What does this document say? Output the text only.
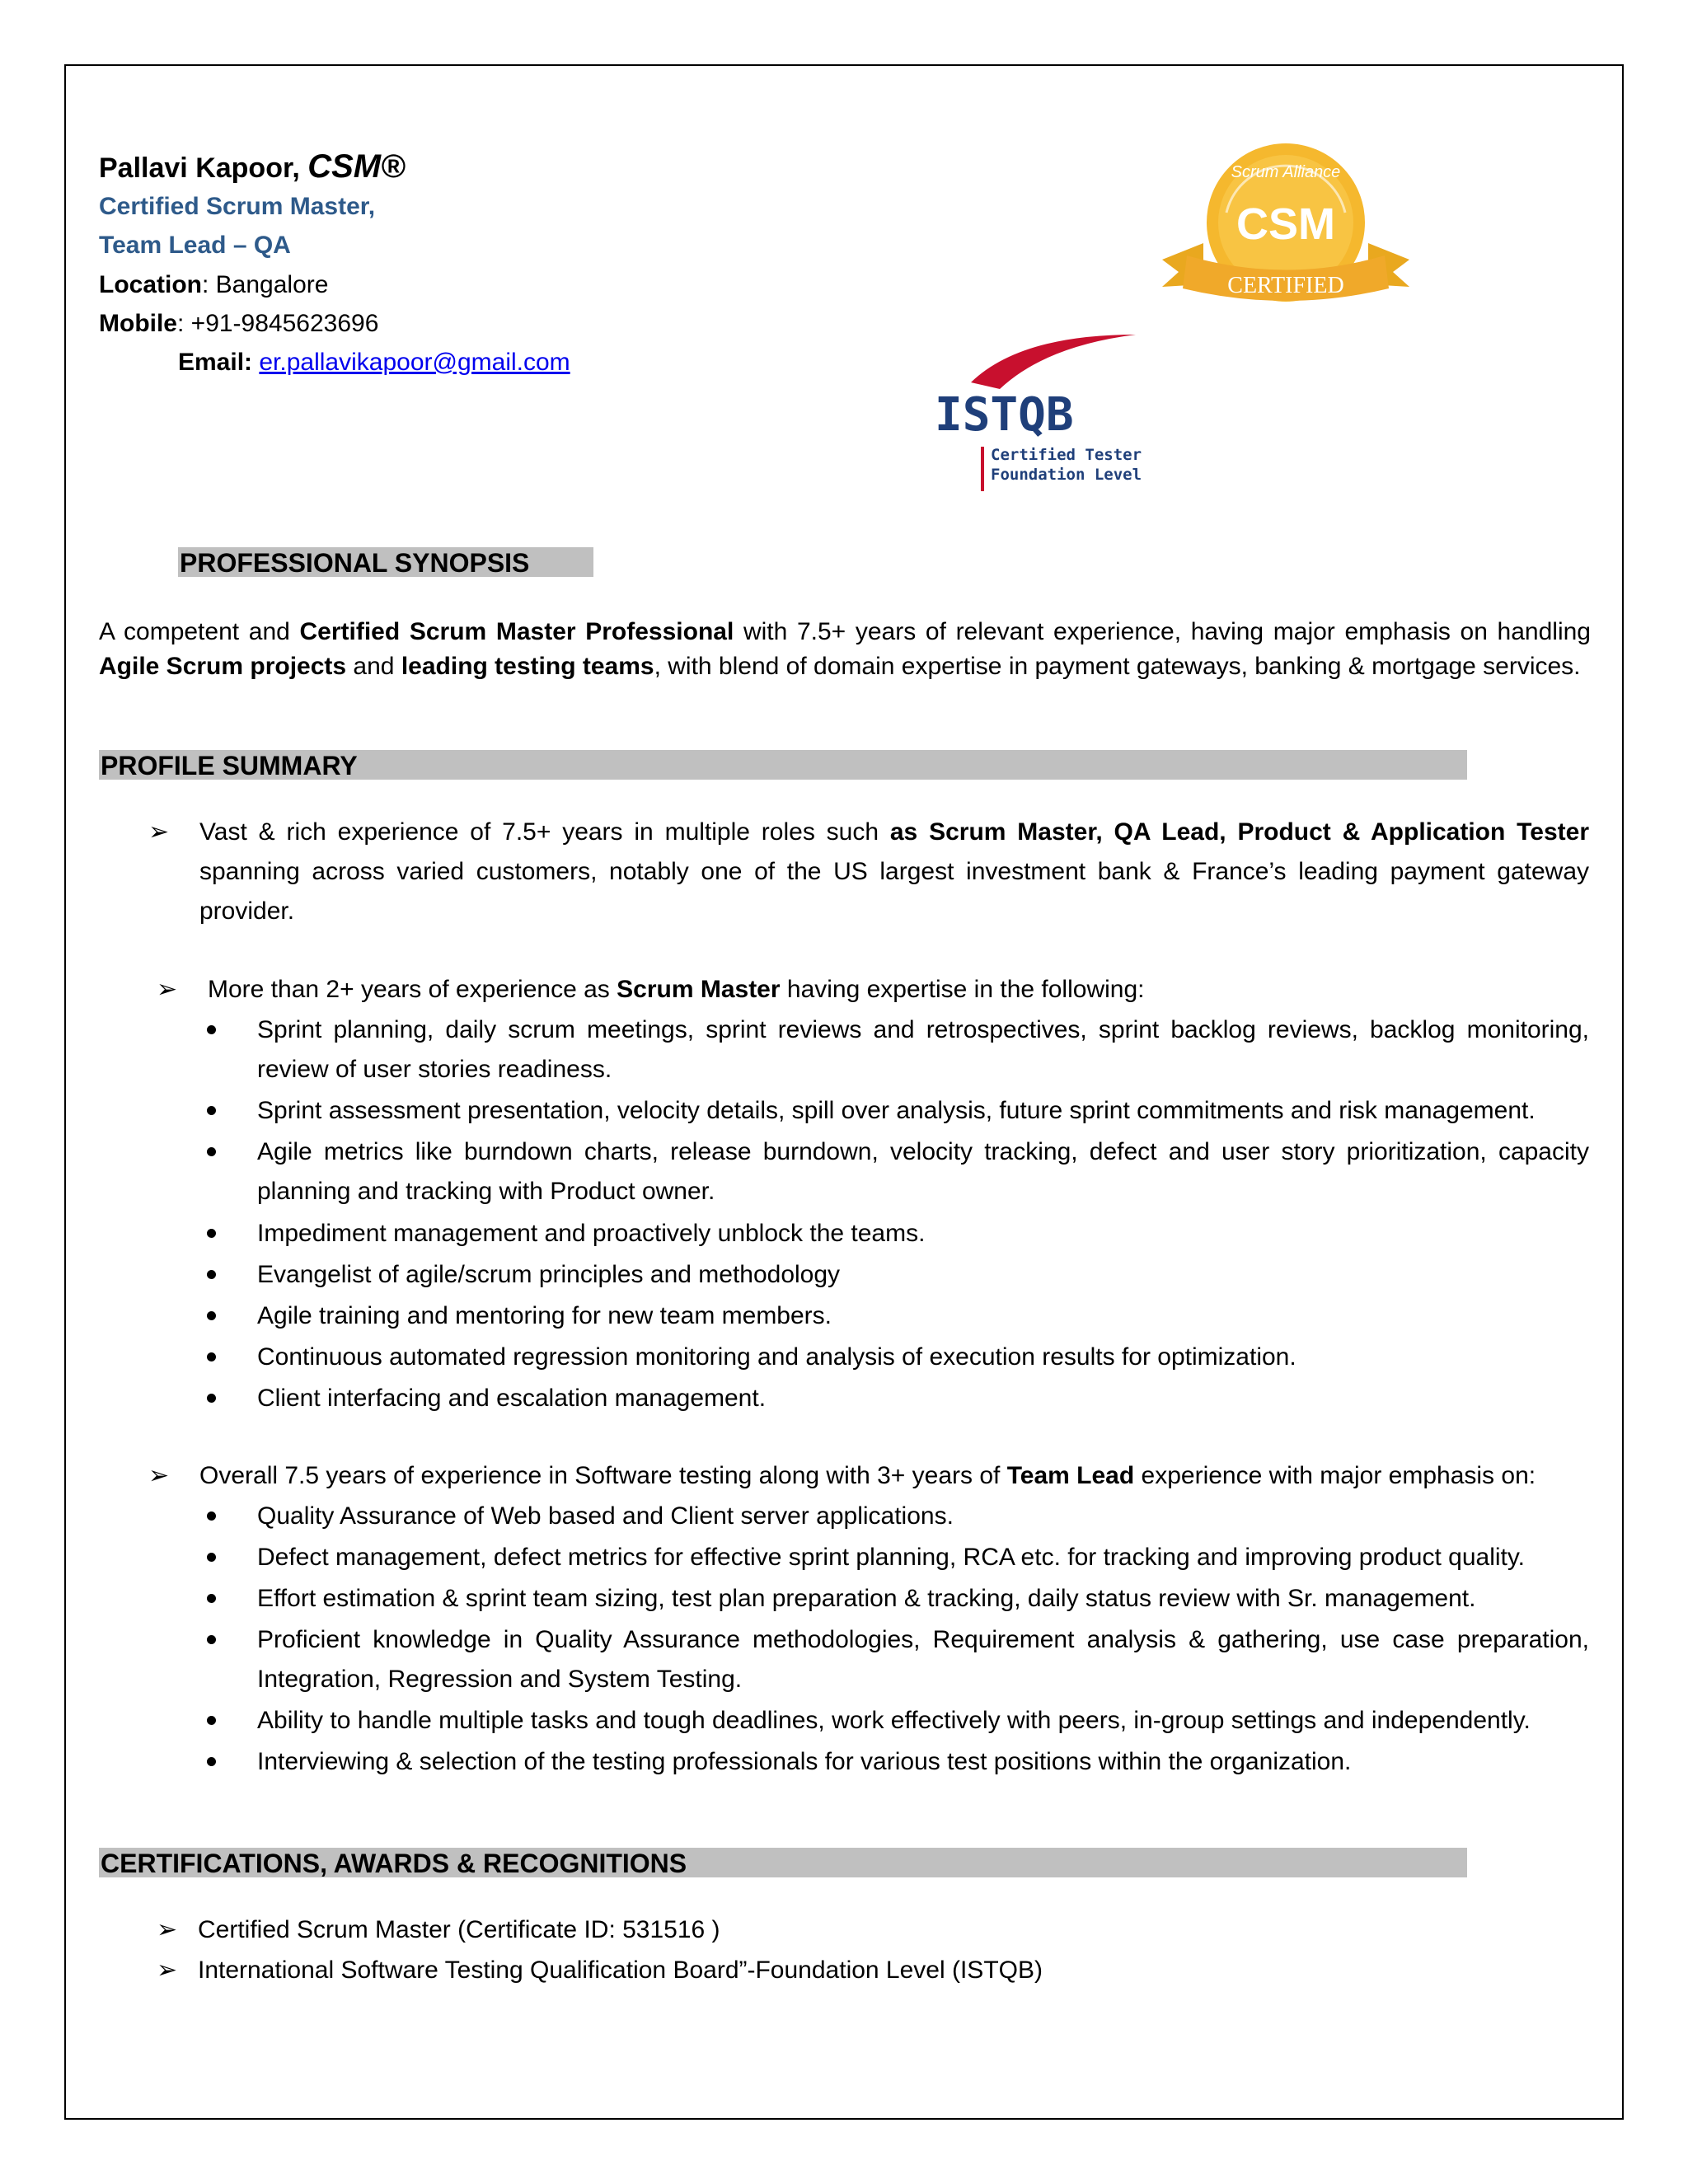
Pallavi Kapoor, CSM®
Certified Scrum Master,
Team Lead – QA
Location: Bangalore
Mobile: +91-9845623696
Email: er.pallavikapoor@gmail.com
Scrum Alliance
CSM
CERTIFIED
ISTQB
Certified Tester
Foundation Level
PROFESSIONAL SYNOPSIS
A competent and Certified Scrum Master Professional with 7.5+ years of relevant experience, having major emphasis on handling Agile Scrum projects and leading testing teams, with blend of domain expertise in payment gateways, banking & mortgage services.
PROFILE SUMMARY
➢ Vast & rich experience of 7.5+ years in multiple roles such as Scrum Master, QA Lead, Product & Application Tester spanning across varied customers, notably one of the US largest investment bank & France’s leading payment gateway provider.
➢ More than 2+ years of experience as Scrum Master having expertise in the following:
Sprint planning, daily scrum meetings, sprint reviews and retrospectives, sprint backlog reviews, backlog monitoring, review of user stories readiness.
Sprint assessment presentation, velocity details, spill over analysis, future sprint commitments and risk management.
Agile metrics like burndown charts, release burndown, velocity tracking, defect and user story prioritization, capacity planning and tracking with Product owner.
Impediment management and proactively unblock the teams.
Evangelist of agile/scrum principles and methodology
Agile training and mentoring for new team members.
Continuous automated regression monitoring and analysis of execution results for optimization.
Client interfacing and escalation management.
➢ Overall 7.5 years of experience in Software testing along with 3+ years of Team Lead experience with major emphasis on:
Quality Assurance of Web based and Client server applications.
Defect management, defect metrics for effective sprint planning, RCA etc. for tracking and improving product quality.
Effort estimation & sprint team sizing, test plan preparation & tracking, daily status review with Sr. management.
Proficient knowledge in Quality Assurance methodologies, Requirement analysis & gathering, use case preparation, Integration, Regression and System Testing.
Ability to handle multiple tasks and tough deadlines, work effectively with peers, in-group settings and independently.
Interviewing & selection of the testing professionals for various test positions within the organization.
CERTIFICATIONS, AWARDS & RECOGNITIONS
➢ Certified Scrum Master (Certificate ID: 531516 )
➢ International Software Testing Qualification Board”-Foundation Level (ISTQB)
